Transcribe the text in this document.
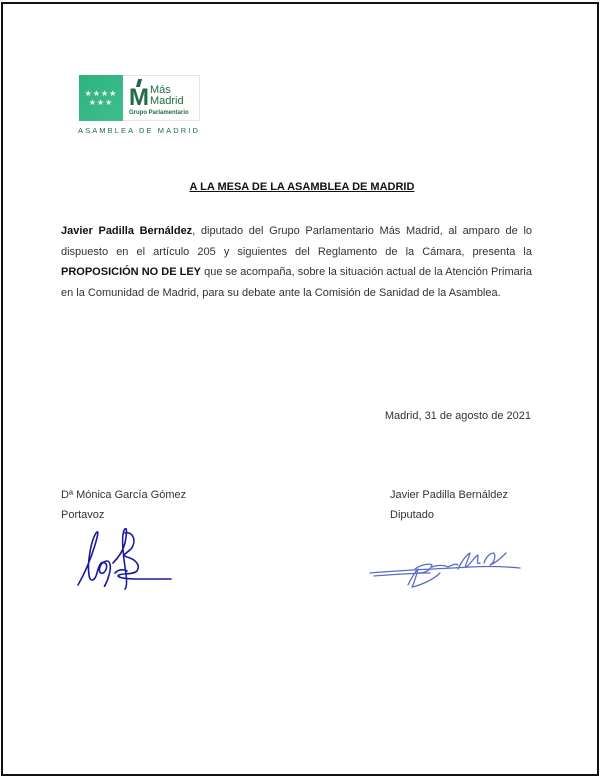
★★★★
★★★ M Más
Madrid
Grupo Parlamentario
ASAMBLEA DE MADRID
A LA MESA DE LA ASAMBLEA DE MADRID
Javier Padilla Bernáldez, diputado del Grupo Parlamentario Más Madrid, al amparo de lo dispuesto en el artículo 205 y siguientes del Reglamento de la Cámara, presenta la PROPOSICIÓN NO DE LEY que se acompaña, sobre la situación actual de la Atención Primaria en la Comunidad de Madrid, para su debate ante la Comisión de Sanidad de la Asamblea.
Madrid, 31 de agosto de 2021
Dª Mónica García Gómez
Portavoz
Javier Padilla Bernáldez
Diputado
